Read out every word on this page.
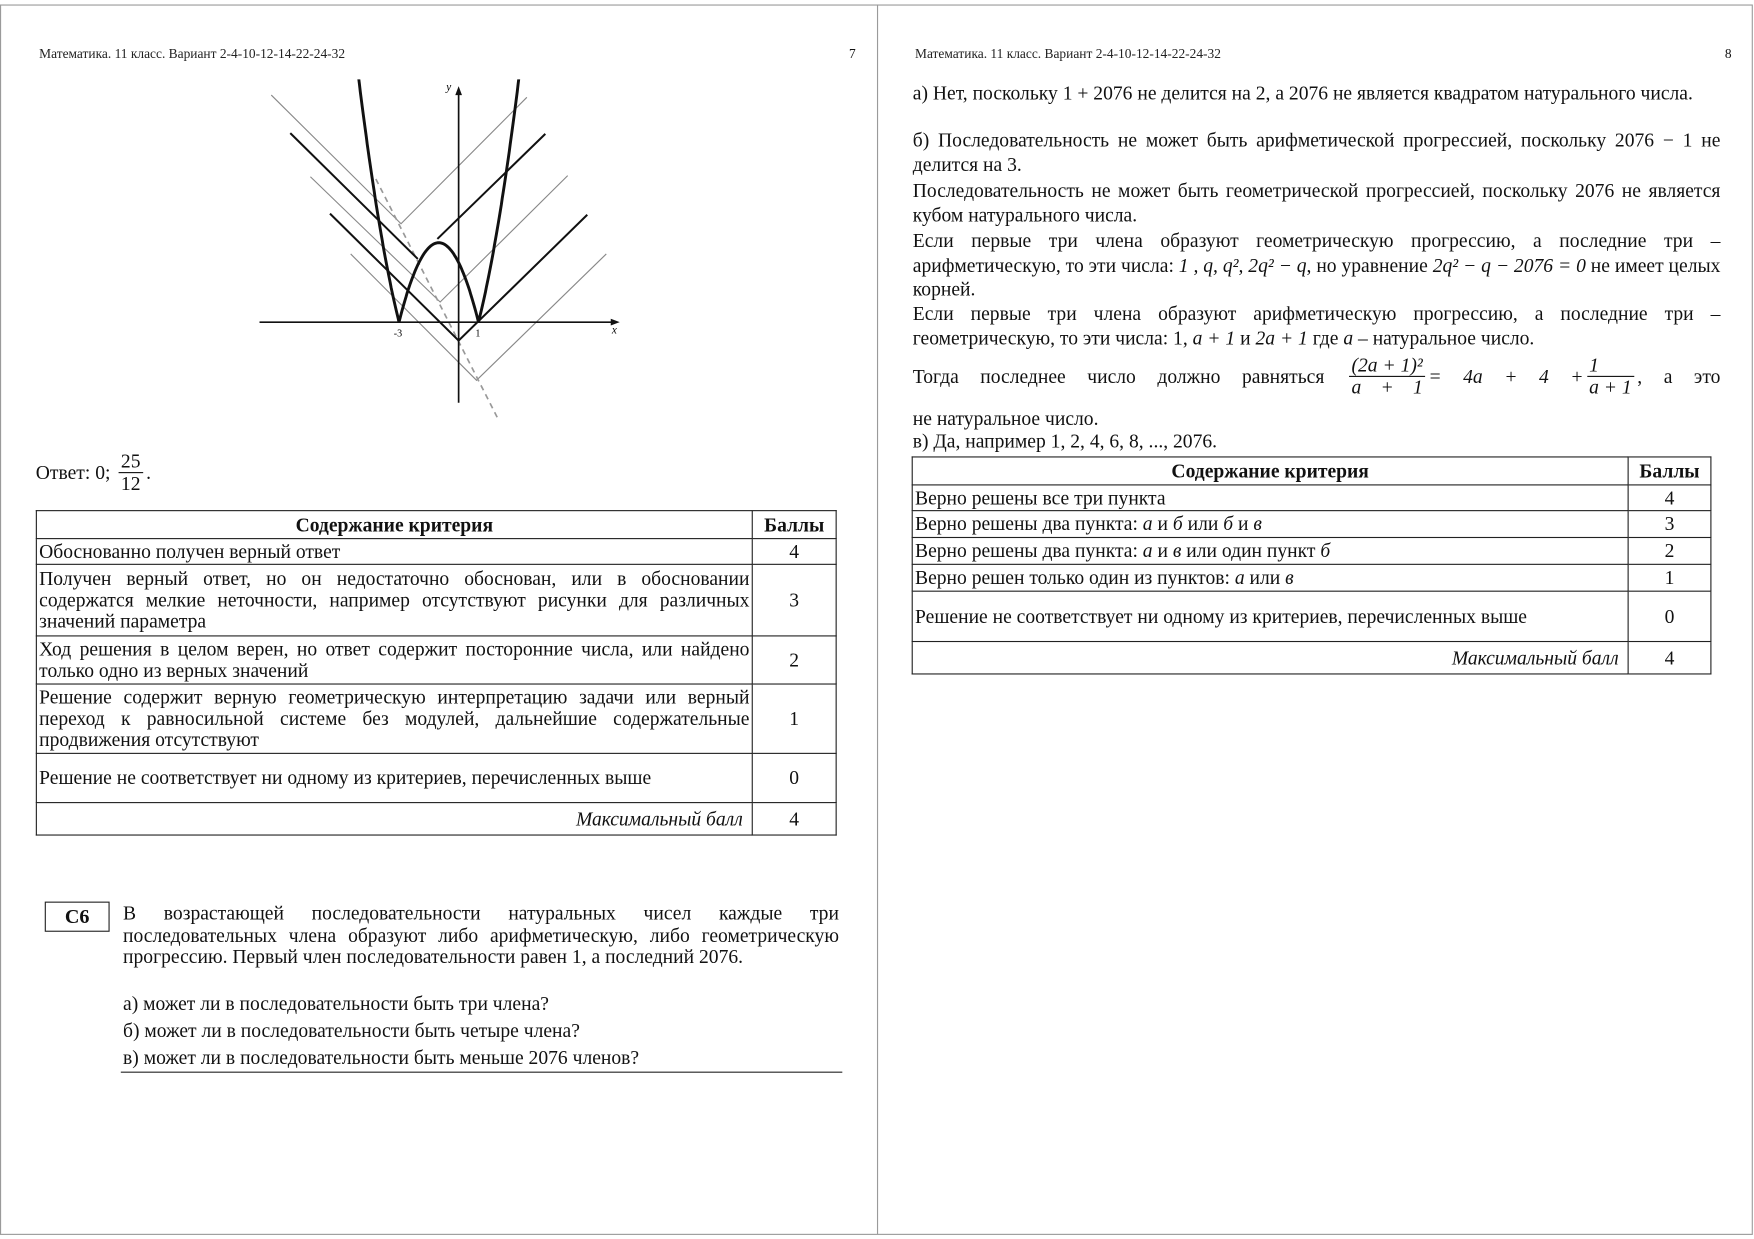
Математика. 11 класс. Вариант 2-4-10-12-14-22-24-32	7
y
x
-3	1
Ответ: 0; $\frac{25}{12}$ .
Содержание критерия	Баллы
Обоснованно получен верный ответ	4
Получен верный ответ, но он недостаточно обоснован, или в обосновании содержатся мелкие неточности, например отсутствуют рисунки для различных значений параметра	3
Ход решения в целом верен, но ответ содержит посторонние числа, или найдено только одно из верных значений	2
Решение содержит верную геометрическую интерпретацию задачи или верный переход к равносильной системе без модулей, дальнейшие содержательные продвижения отсутствуют	1
Решение не соответствует ни одному из критериев, перечисленных выше	0
Максимальный балл	4
C6	В возрастающей последовательности натуральных чисел каждые три последовательных члена образуют либо арифметическую, либо геометрическую прогрессию. Первый член последовательности равен 1, а последний 2076.
а) может ли в последовательности быть три члена?
б) может ли в последовательности быть четыре члена?
в) может ли в последовательности быть меньше 2076 членов?
Математика. 11 класс. Вариант 2-4-10-12-14-22-24-32	8
а) Нет, поскольку 1 + 2076 не делится на 2, а 2076 не является квадратом натурального числа.
б) Последовательность не может быть арифметической прогрессией, поскольку 2076 − 1 не делится на 3.
Последовательность не может быть геометрической прогрессией, поскольку 2076 не является кубом натурального числа.
Если первые три члена образуют геометрическую прогрессию, а последние три – арифметическую, то эти числа: 1 , q, q², 2q² − q, но уравнение 2q² − q − 2076 = 0 не имеет целых корней.
Если первые три члена образуют арифметическую прогрессию, а последние три – геометрическую, то эти числа: 1, a + 1 и 2a + 1 где a – натуральное число.
Тогда последнее число должно равняться $\frac{\text{(2a + 1)²}}{a + 1} = 4a + 4 + \frac{1}{a + 1}$ , а это
не натуральное число.
в) Да, например 1, 2, 4, 6, 8, ..., 2076.
Содержание критерия	Баллы
Верно решены все три пункта	4
Верно решены два пункта: а и б или б и в	3
Верно решены два пункта: а и в или один пункт б	2
Верно решен только один из пунктов: а или в	1
Решение не соответствует ни одному из критериев, перечисленных выше	0
Максимальный балл	4
